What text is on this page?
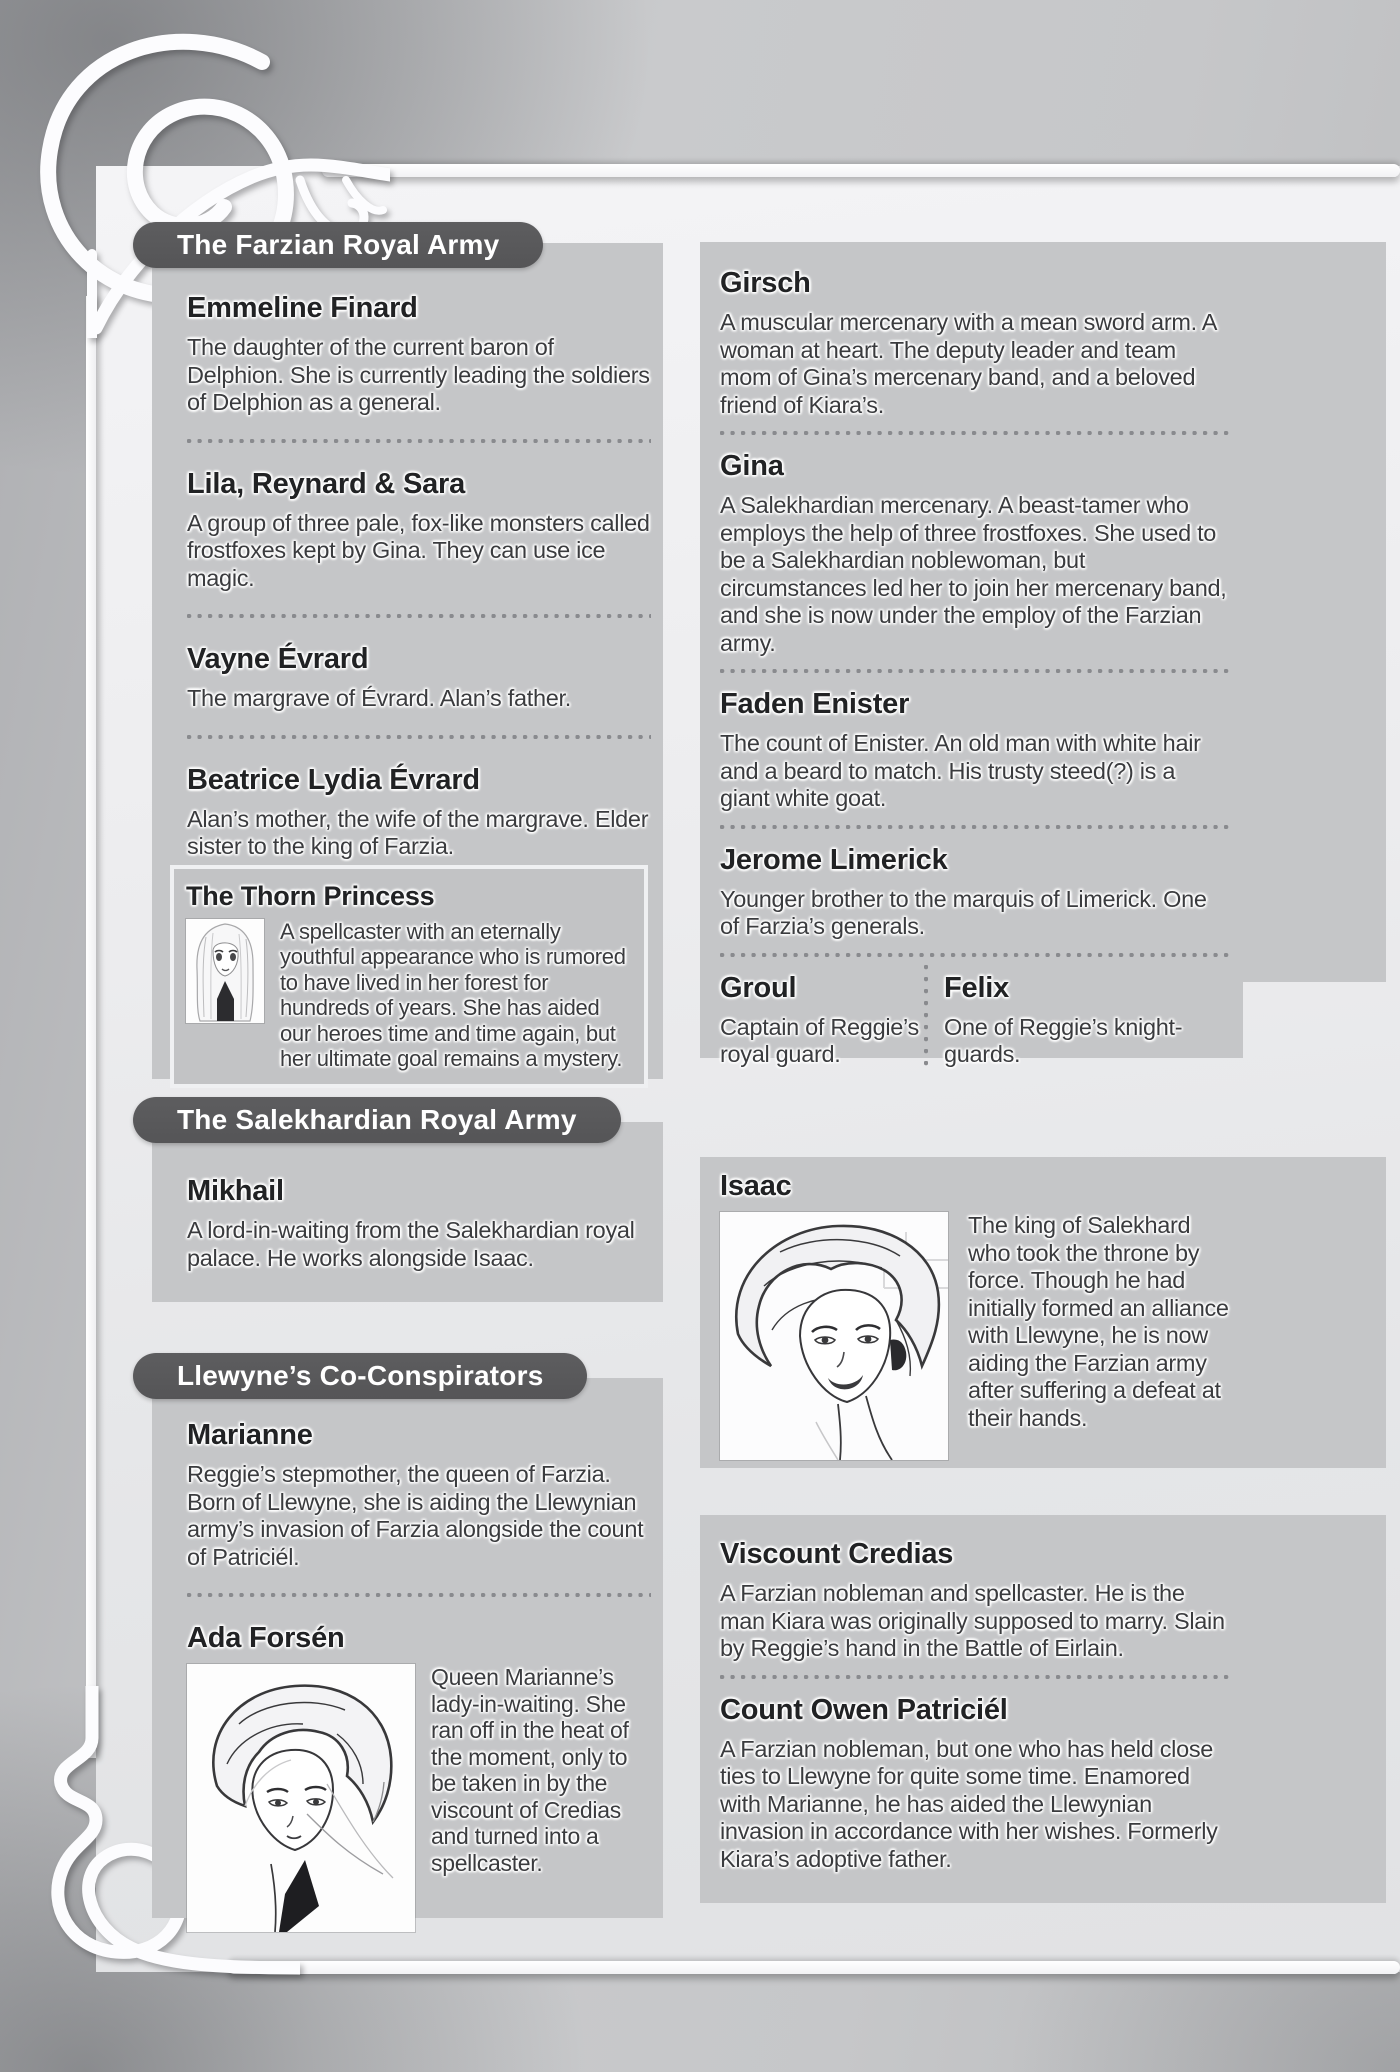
The Farzian Royal Army
Emmeline Finard

The daughter of the current baron of Delphion. She is currently leading the soldiers of Delphion as a general.

Lila, Reynard & Sara

A group of three pale, fox-like monsters called frostfoxes kept by Gina. They can use ice magic.

Vayne Évrard

The margrave of Évrard. Alan’s father.

Beatrice Lydia Évrard

Alan’s mother, the wife of the margrave. Elder sister to the king of Farzia.

The Thorn Princess

A spellcaster with an eternally youthful appearance who is rumored to have lived in her forest for hundreds of years. She has aided our heroes time and time again, but her ultimate goal remains a mystery.

Girsch

A muscular mercenary with a mean sword arm. A woman at heart. The deputy leader and team mom of Gina’s mercenary band, and a beloved friend of Kiara’s.

Gina

A Salekhardian mercenary. A beast-tamer who employs the help of three frostfoxes. She used to be a Salekhardian noblewoman, but circumstances led her to join her mercenary band, and she is now under the employ of the Farzian army.

Faden Enister

The count of Enister. An old man with white hair and a beard to match. His trusty steed(?) is a giant white goat.

Jerome Limerick

Younger brother to the marquis of Limerick. One of Farzia’s generals.

Groul

Captain of Reggie’s royal guard.

Felix

One of Reggie’s knight-guards.

The Salekhardian Royal Army
Mikhail

A lord-in-waiting from the Salekhardian royal palace. He works alongside Isaac.

Isaac

The king of Salekhard who took the throne by force. Though he had initially formed an alliance with Llewyne, he is now aiding the Farzian army after suffering a defeat at their hands.

Llewyne’s Co-Conspirators
Marianne

Reggie’s stepmother, the queen of Farzia. Born of Llewyne, she is aiding the Llewynian army’s invasion of Farzia alongside the count of Patriciél.

Ada Forsén

Queen Marianne’s lady-in-waiting. She ran off in the heat of the moment, only to be taken in by the viscount of Credias and turned into a spellcaster.

Viscount Credias

A Farzian nobleman and spellcaster. He is the man Kiara was originally supposed to marry. Slain by Reggie’s hand in the Battle of Eirlain.

Count Owen Patriciél

A Farzian nobleman, but one who has held close ties to Llewyne for quite some time. Enamored with Marianne, he has aided the Llewynian invasion in accordance with her wishes. Formerly Kiara’s adoptive father.
